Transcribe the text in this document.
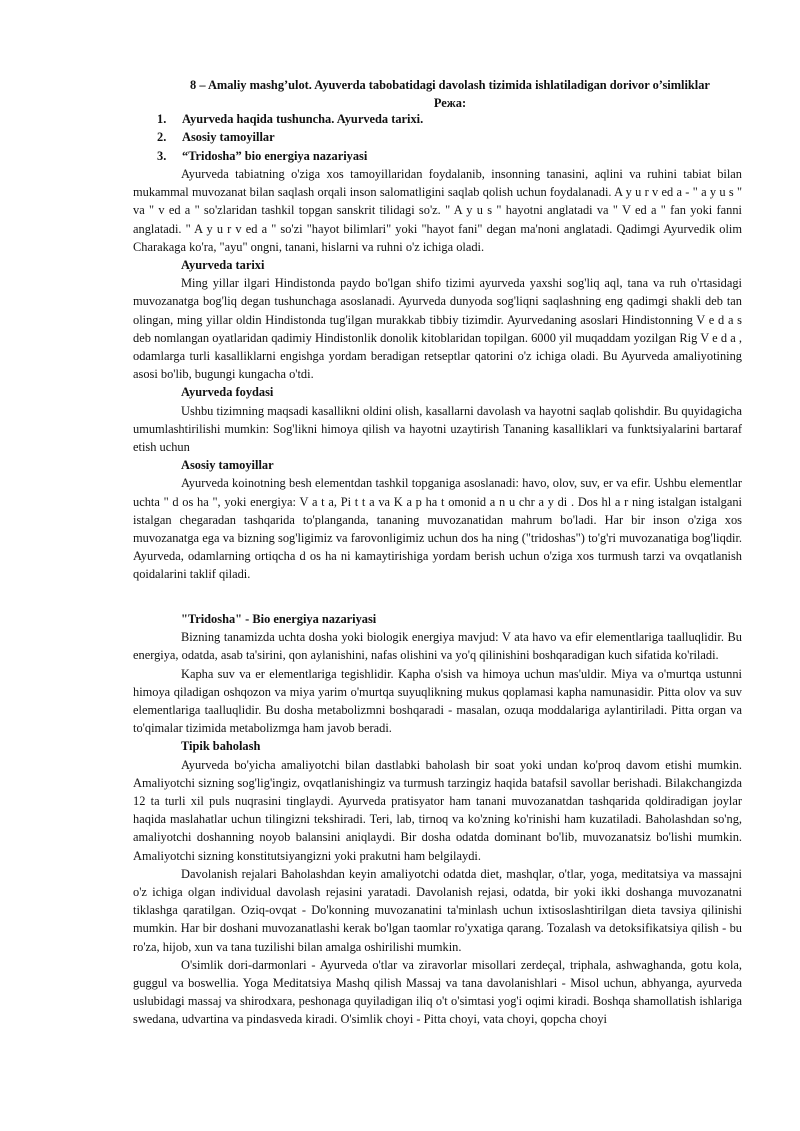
8 – Amaliy mashg’ulot. Ayuverda tabobatidagi davolash tizimida ishlatiladigan dorivor o’simliklar
Режа:
1. Ayurveda haqida tushuncha. Ayurveda tarixi.
2. Asosiy tamoyillar
3. “Tridosha” bio energiya nazariyasi

Ayurveda tabiatning o'ziga xos tamoyillaridan foydalanib, insonning tanasini, aqlini va ruhini tabiat bilan mukammal muvozanat bilan saqlash orqali inson salomatligini saqlab qolish uchun foydalanadi. A y u r v ed a - " a y u s " va " v ed a " so'zlaridan tashkil topgan sanskrit tilidagi so'z. " A y u s " hayotni anglatadi va " V ed a " fan yoki fanni anglatadi. " A y u r v ed a " so'zi "hayot bilimlari" yoki "hayot fani" degan ma'noni anglatadi. Qadimgi Ayurvedik olim Charakaga ko'ra, "ayu" ongni, tanani, hislarni va ruhni o'z ichiga oladi.

Ayurveda tarixi

Ming yillar ilgari Hindistonda paydo bo'lgan shifo tizimi ayurveda yaxshi sog'liq aql, tana va ruh o'rtasidagi muvozanatga bog'liq degan tushunchaga asoslanadi. Ayurveda dunyoda sog'liqni saqlashning eng qadimgi shakli deb tan olingan, ming yillar oldin Hindistonda tug'ilgan murakkab tibbiy tizimdir. Ayurvedaning asoslari Hindistonning V e d a s deb nomlangan oyatlaridan qadimiy Hindistonlik donolik kitoblaridan topilgan. 6000 yil muqaddam yozilgan Rig V e d a , odamlarga turli kasalliklarni engishga yordam beradigan retseptlar qatorini o'z ichiga oladi. Bu Ayurveda amaliyotining asosi bo'lib, bugungi kungacha o'tdi.

Ayurveda foydasi

Ushbu tizimning maqsadi kasallikni oldini olish, kasallarni davolash va hayotni saqlab qolishdir. Bu quyidagicha umumlashtirilishi mumkin: Sog'likni himoya qilish va hayotni uzaytirish Tananing kasalliklari va funktsiyalarini bartaraf etish uchun

Asosiy tamoyillar

Ayurveda koinotning besh elementdan tashkil topganiga asoslanadi: havo, olov, suv, er va efir. Ushbu elementlar uchta " d os ha ", yoki energiya: V a t a, Pi t t a va K a p ha t omonid a n u chr a y di . Dos hl a r ning istalgan istalgani istalgan chegaradan tashqarida to'planganda, tananing muvozanatidan mahrum bo'ladi. Har bir inson o'ziga xos muvozanatga ega va bizning sog'ligimiz va farovonligimiz uchun dos ha ning ("tridoshas") to'g'ri muvozanatiga bog'liqdir. Ayurveda, odamlarning ortiqcha d os ha ni kamaytirishiga yordam berish uchun o'ziga xos turmush tarzi va ovqatlanish qoidalarini taklif qiladi.

"Tridosha" - Bio energiya nazariyasi

Bizning tanamizda uchta dosha yoki biologik energiya mavjud: V ata havo va efir elementlariga taalluqlidir. Bu energiya, odatda, asab ta'sirini, qon aylanishini, nafas olishini va yo'q qilinishini boshqaradigan kuch sifatida ko'riladi.

Kapha suv va er elementlariga tegishlidir. Kapha o'sish va himoya uchun mas'uldir. Miya va o'murtqa ustunni himoya qiladigan oshqozon va miya yarim o'murtqa suyuqlikning mukus qoplamasi kapha namunasidir. Pitta olov va suv elementlariga taalluqlidir. Bu dosha metabolizmni boshqaradi - masalan, ozuqa moddalariga aylantiriladi. Pitta organ va to'qimalar tizimida metabolizmga ham javob beradi.

Tipik baholash

Ayurveda bo'yicha amaliyotchi bilan dastlabki baholash bir soat yoki undan ko'proq davom etishi mumkin. Amaliyotchi sizning sog'lig'ingiz, ovqatlanishingiz va turmush tarzingiz haqida batafsil savollar berishadi. Bilakchangizda 12 ta turli xil puls nuqrasini tinglaydi. Ayurveda pratisyator ham tanani muvozanatdan tashqarida qoldiradigan joylar haqida maslahatlar uchun tilingizni tekshiradi. Teri, lab, tirnoq va ko'zning ko'rinishi ham kuzatiladi. Baholashdan so'ng, amaliyotchi doshanning noyob balansini aniqlaydi. Bir dosha odatda dominant bo'lib, muvozanatsiz bo'lishi mumkin. Amaliyotchi sizning konstitutsiyangizni yoki prakutni ham belgilaydi.

Davolanish rejalari Baholashdan keyin amaliyotchi odatda diet, mashqlar, o'tlar, yoga, meditatsiya va massajni o'z ichiga olgan individual davolash rejasini yaratadi. Davolanish rejasi, odatda, bir yoki ikki doshanga muvozanatni tiklashga qaratilgan. Oziq-ovqat - Do'konning muvozanatini ta'minlash uchun ixtisoslashtirilgan dieta tavsiya qilinishi mumkin. Har bir doshani muvozanatlashi kerak bo'lgan taomlar ro'yxatiga qarang. Tozalash va detoksifikatsiya qilish - bu ro'za, hijob, xun va tana tuzilishi bilan amalga oshirilishi mumkin.

O'simlik dori-darmonlari - Ayurveda o'tlar va ziravorlar misollari zerdeçal, triphala, ashwaghanda, gotu kola, guggul va boswellia. Yoga Meditatsiya Mashq qilish Massaj va tana davolanishlari - Misol uchun, abhyanga, ayurveda uslubidagi massaj va shirodxara, peshonaga quyiladigan iliq o't o'simtasi yog'i oqimi kiradi. Boshqa shamollatish ishlariga swedana, udvartina va pindasveda kiradi. O'simlik choyi - Pitta choyi, vata choyi, qopcha choyi
